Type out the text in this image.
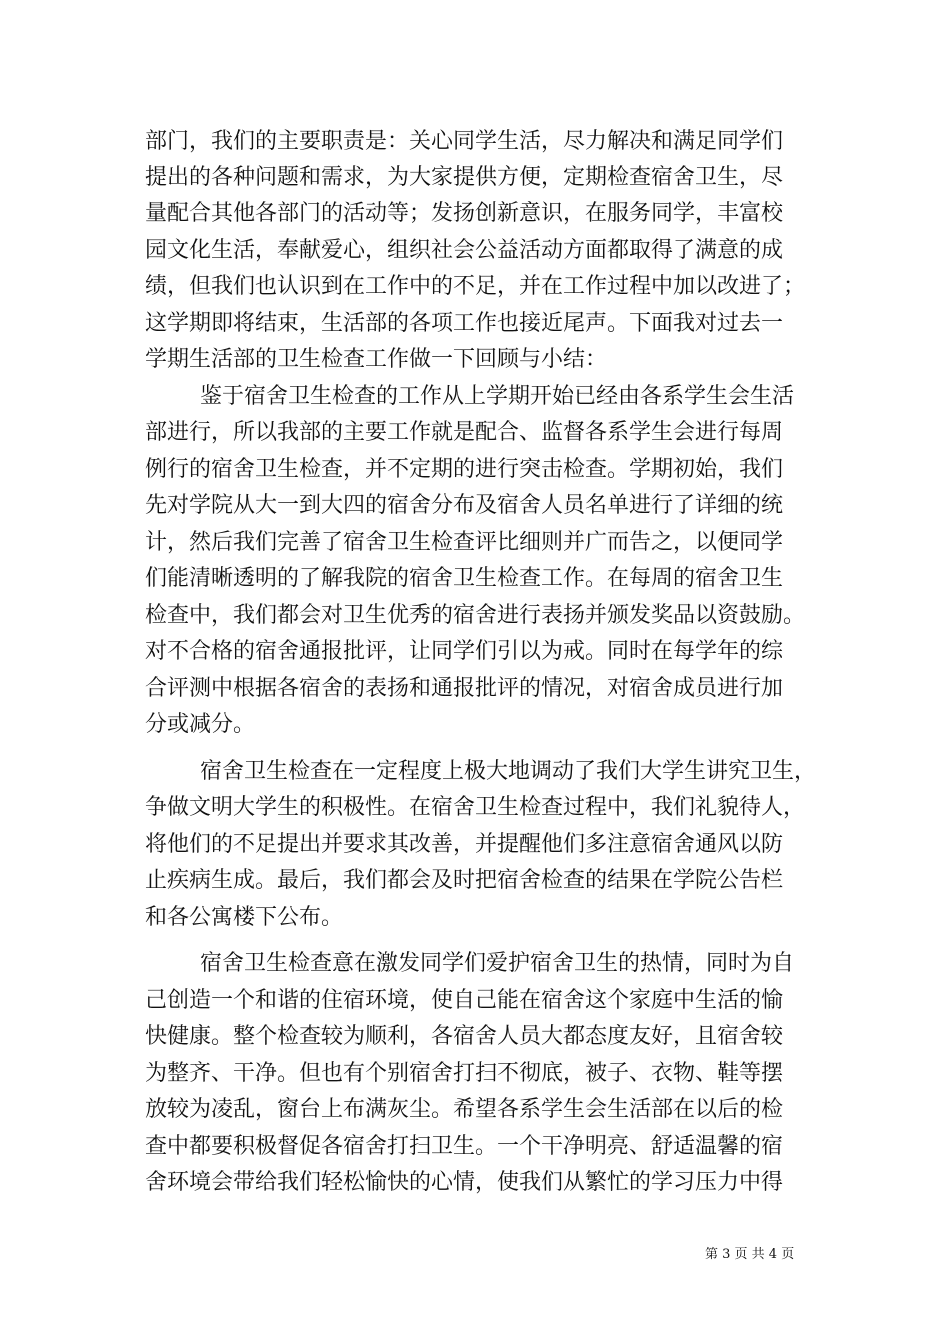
部门，我们的主要职责是：关心同学生活，尽力解决和满足同学们
提出的各种问题和需求，为大家提供方便，定期检查宿舍卫生，尽
量配合其他各部门的活动等；发扬创新意识，在服务同学，丰富校
园文化生活，奉献爱心，组织社会公益活动方面都取得了满意的成
绩，但我们也认识到在工作中的不足，并在工作过程中加以改进了；
这学期即将结束，生活部的各项工作也接近尾声。下面我对过去一
学期生活部的卫生检查工作做一下回顾与小结：
鉴于宿舍卫生检查的工作从上学期开始已经由各系学生会生活
部进行，所以我部的主要工作就是配合、监督各系学生会进行每周
例行的宿舍卫生检查，并不定期的进行突击检查。学期初始，我们
先对学院从大一到大四的宿舍分布及宿舍人员名单进行了详细的统
计，然后我们完善了宿舍卫生检查评比细则并广而告之，以便同学
们能清晰透明的了解我院的宿舍卫生检查工作。在每周的宿舍卫生
检查中，我们都会对卫生优秀的宿舍进行表扬并颁发奖品以资鼓励。
对不合格的宿舍通报批评，让同学们引以为戒。同时在每学年的综
合评测中根据各宿舍的表扬和通报批评的情况，对宿舍成员进行加
分或减分。
宿舍卫生检查在一定程度上极大地调动了我们大学生讲究卫生，
争做文明大学生的积极性。在宿舍卫生检查过程中，我们礼貌待人，
将他们的不足提出并要求其改善，并提醒他们多注意宿舍通风以防
止疾病生成。最后，我们都会及时把宿舍检查的结果在学院公告栏
和各公寓楼下公布。
宿舍卫生检查意在激发同学们爱护宿舍卫生的热情，同时为自
己创造一个和谐的住宿环境，使自己能在宿舍这个家庭中生活的愉
快健康。整个检查较为顺利，各宿舍人员大都态度友好，且宿舍较
为整齐、干净。但也有个别宿舍打扫不彻底，被子、衣物、鞋等摆
放较为凌乱，窗台上布满灰尘。希望各系学生会生活部在以后的检
查中都要积极督促各宿舍打扫卫生。一个干净明亮、舒适温馨的宿
舍环境会带给我们轻松愉快的心情，使我们从繁忙的学习压力中得
第 3 页 共 4 页
